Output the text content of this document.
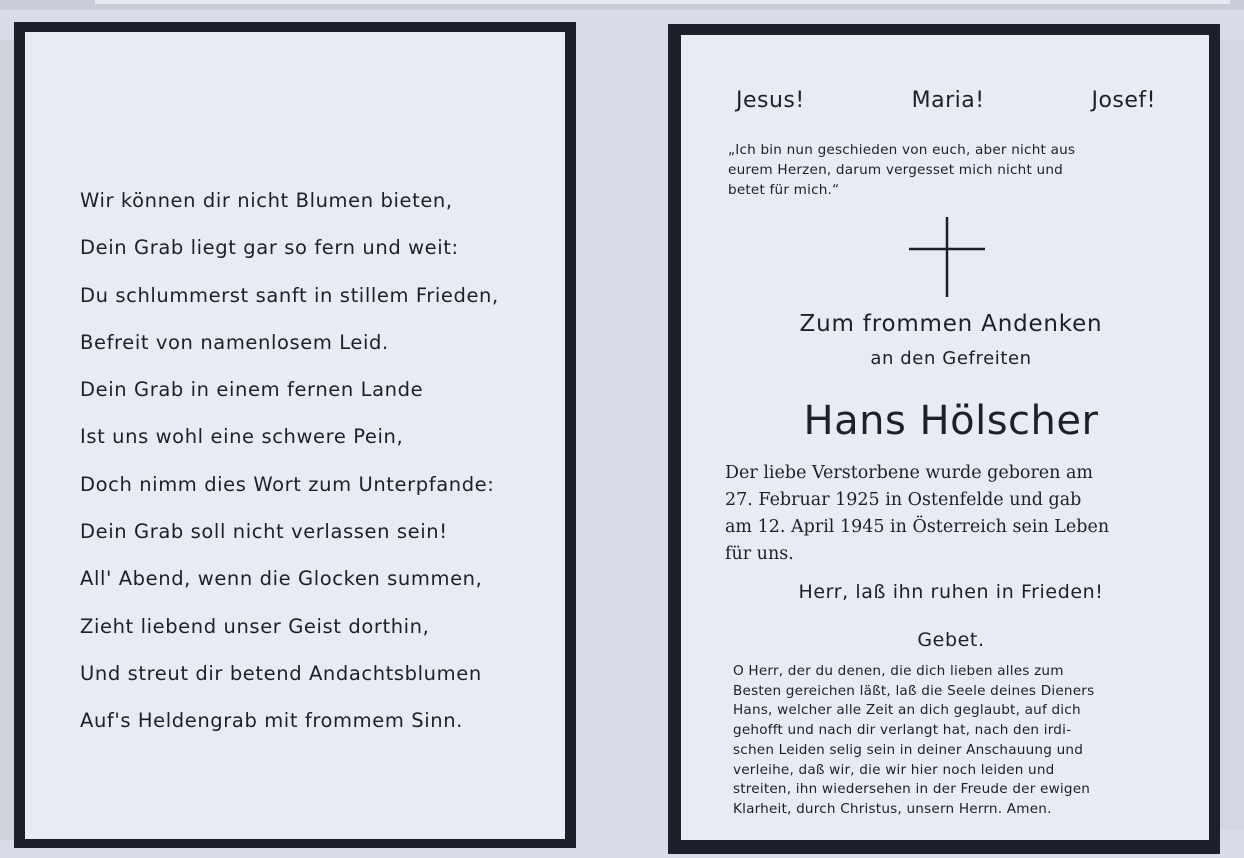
Wir können dir nicht Blumen bieten,
Dein Grab liegt gar so fern und weit:
Du schlummerst sanft in stillem Frieden,
Befreit von namenlosem Leid.
Dein Grab in einem fernen Lande
Ist uns wohl eine schwere Pein,
Doch nimm dies Wort zum Unterpfande:
Dein Grab soll nicht verlassen sein!
All' Abend, wenn die Glocken summen,
Zieht liebend unser Geist dorthin,
Und streut dir betend Andachtsblumen
Auf's Heldengrab mit frommem Sinn.
Jesus!	Maria!	Josef!
„Ich bin nun geschieden von euch, aber nicht aus
eurem Herzen, darum vergesset mich nicht und
betet für mich.“
Zum frommen Andenken
an den Gefreiten
Hans Hölscher
Der liebe Verstorbene wurde geboren am
27. Februar 1925 in Ostenfelde und gab
am 12. April 1945 in Österreich sein Leben
für uns.
Herr, laß ihn ruhen in Frieden!
Gebet.
O Herr, der du denen, die dich lieben alles zum
Besten gereichen läßt, laß die Seele deines Dieners
Hans, welcher alle Zeit an dich geglaubt, auf dich
gehofft und nach dir verlangt hat, nach den irdi-
schen Leiden selig sein in deiner Anschauung und
verleihe, daß wir, die wir hier noch leiden und
streiten, ihn wiedersehen in der Freude der ewigen
Klarheit, durch Christus, unsern Herrn. Amen.
